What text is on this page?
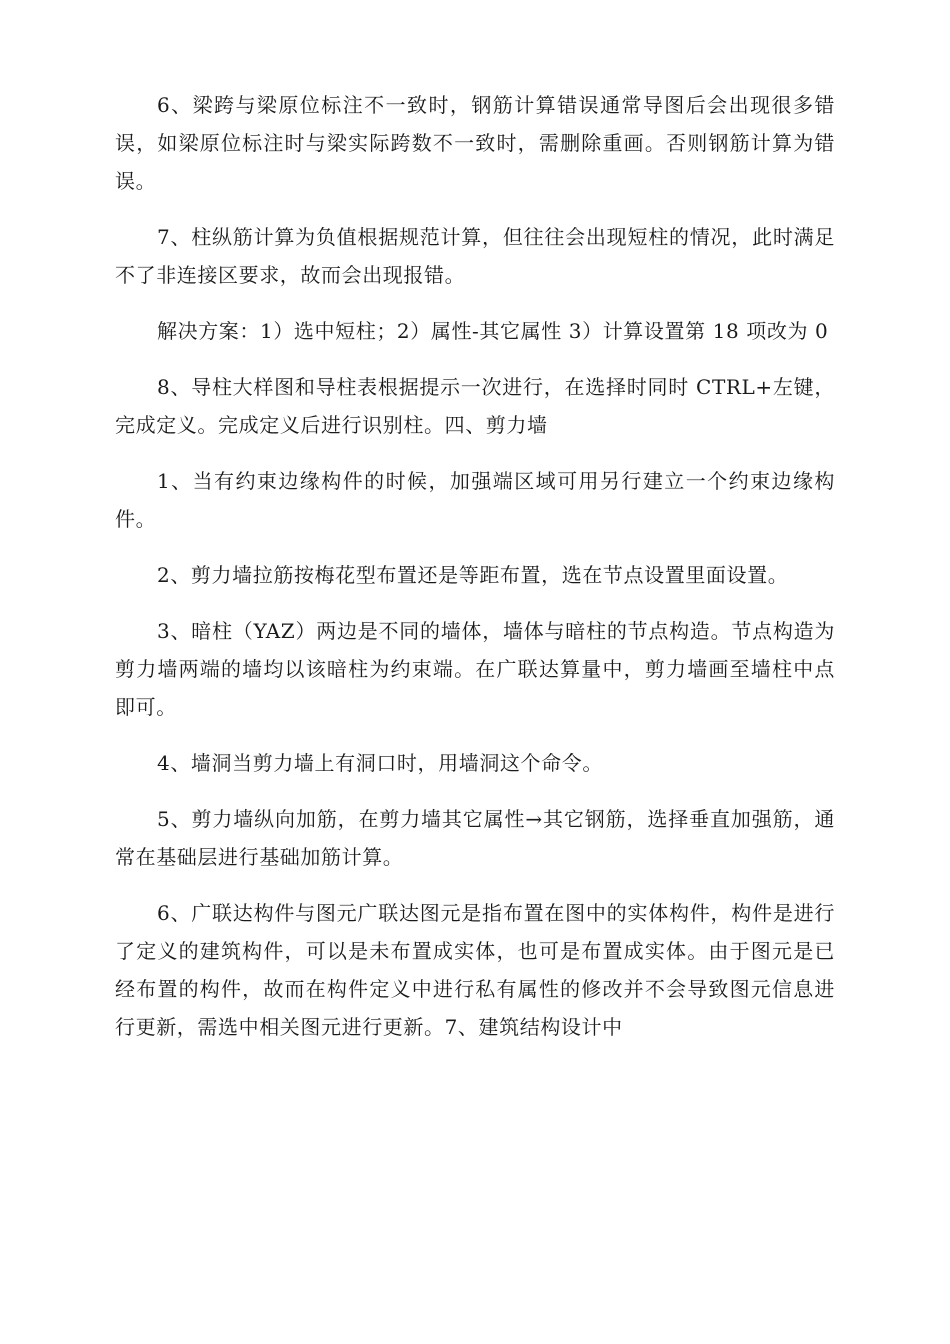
6、梁跨与梁原位标注不一致时，钢筋计算错误通常导图后会出现很多错误，如梁原位标注时与梁实际跨数不一致时，需删除重画。否则钢筋计算为错误。

7、柱纵筋计算为负值根据规范计算，但往往会出现短柱的情况，此时满足不了非连接区要求，故而会出现报错。

解决方案：1）选中短柱；2）属性-其它属性 3）计算设置第 18 项改为 0

8、导柱大样图和导柱表根据提示一次进行，在选择时同时 CTRL+左键，完成定义。完成定义后进行识别柱。四、剪力墙

1、当有约束边缘构件的时候，加强端区域可用另行建立一个约束边缘构件。

2、剪力墙拉筋按梅花型布置还是等距布置，选在节点设置里面设置。

3、暗柱（YAZ）两边是不同的墙体，墙体与暗柱的节点构造。节点构造为剪力墙两端的墙均以该暗柱为约束端。在广联达算量中，剪力墙画至墙柱中点即可。

4、墙洞当剪力墙上有洞口时，用墙洞这个命令。

5、剪力墙纵向加筋，在剪力墙其它属性→其它钢筋，选择垂直加强筋，通常在基础层进行基础加筋计算。

6、广联达构件与图元广联达图元是指布置在图中的实体构件，构件是进行了定义的建筑构件，可以是未布置成实体，也可是布置成实体。由于图元是已经布置的构件，故而在构件定义中进行私有属性的修改并不会导致图元信息进行更新，需选中相关图元进行更新。7、建筑结构设计中
